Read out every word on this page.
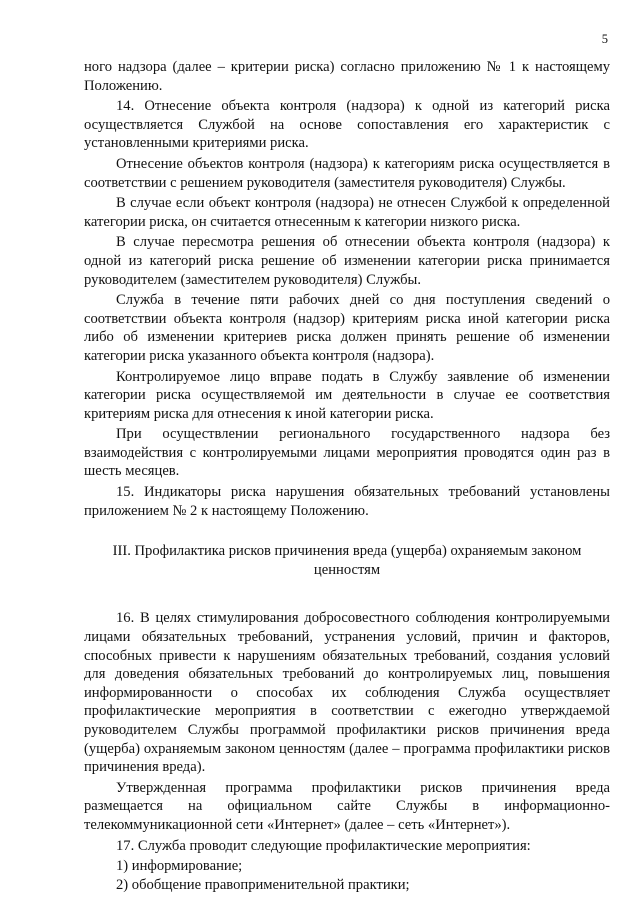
5

ного надзора (далее – критерии риска) согласно приложению № 1 к настоящему Положению.

14. Отнесение объекта контроля (надзора) к одной из категорий риска осуществляется Службой на основе сопоставления его характеристик с установленными критериями риска.

Отнесение объектов контроля (надзора) к категориям риска осуществляется в соответствии с решением руководителя (заместителя руководителя) Службы.

В случае если объект контроля (надзора) не отнесен Службой к определенной категории риска, он считается отнесенным к категории низкого риска.

В случае пересмотра решения об отнесении объекта контроля (надзора) к одной из категорий риска решение об изменении категории риска принимается руководителем (заместителем руководителя) Службы.

Служба в течение пяти рабочих дней со дня поступления сведений о соответствии объекта контроля (надзор) критериям риска иной категории риска либо об изменении критериев риска должен принять решение об изменении категории риска указанного объекта контроля (надзора).

Контролируемое лицо вправе подать в Службу заявление об изменении категории риска осуществляемой им деятельности в случае ее соответствия критериям риска для отнесения к иной категории риска.

При осуществлении регионального государственного надзора без взаимодействия с контролируемыми лицами мероприятия проводятся один раз в шесть месяцев.

15. Индикаторы риска нарушения обязательных требований установлены приложением № 2 к настоящему Положению.

III. Профилактика рисков причинения вреда (ущерба) охраняемым законом ценностям

16. В целях стимулирования добросовестного соблюдения контролируемыми лицами обязательных требований, устранения условий, причин и факторов, способных привести к нарушениям обязательных требований, создания условий для доведения обязательных требований до контролируемых лиц, повышения информированности о способах их соблюдения Служба осуществляет профилактические мероприятия в соответствии с ежегодно утверждаемой руководителем Службы программой профилактики рисков причинения вреда (ущерба) охраняемым законом ценностям (далее – программа профилактики рисков причинения вреда).

Утвержденная программа профилактики рисков причинения вреда размещается на официальном сайте Службы в информационно-телекоммуникационной сети «Интернет» (далее – сеть «Интернет»).

17. Служба проводит следующие профилактические мероприятия:

1) информирование;

2) обобщение правоприменительной практики;
